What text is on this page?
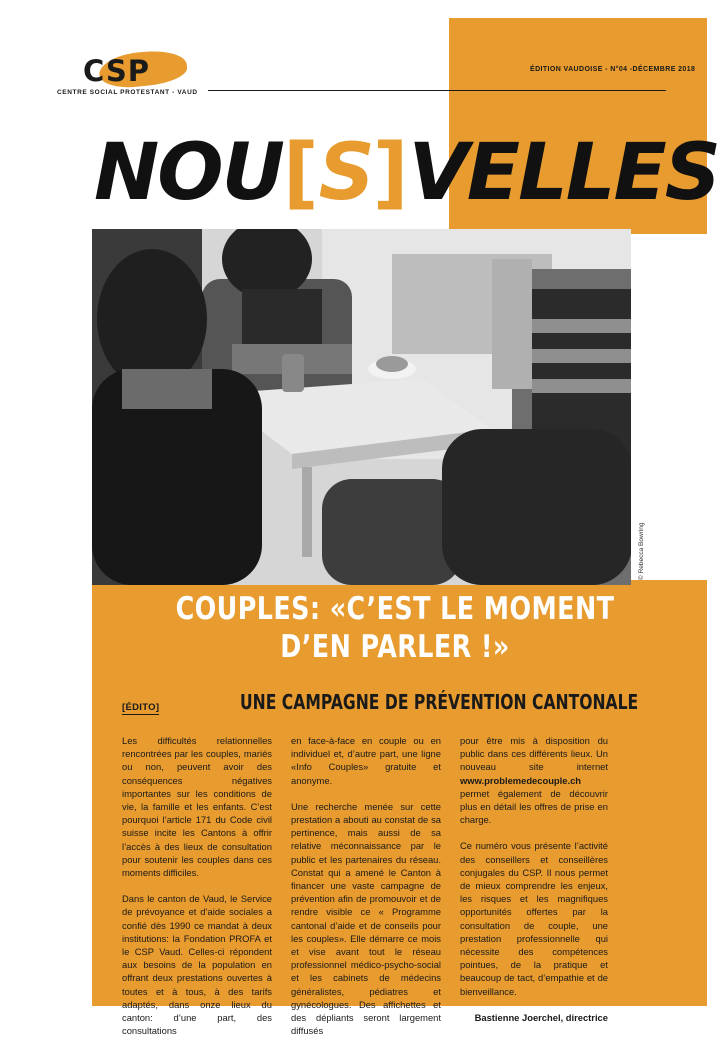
CSP
CENTRE SOCIAL PROTESTANT - VAUD
ÉDITION VAUDOISE - N°04 -DÉCEMBRE 2018
NOU[S]VELLES
© Rebecca Bowring
COUPLES: «C’EST LE MOMENT
D’EN PARLER !»
[ÉDITO]	UNE CAMPAGNE DE PRÉVENTION CANTONALE

Les difficultés relationnelles rencontrées par les couples, mariés ou non, peuvent avoir des conséquences négatives importantes sur les conditions de vie, la famille et les enfants. C’est pourquoi l’article 171 du Code civil suisse incite les Cantons à offrir l’accès à des lieux de consultation pour soutenir les couples dans ces moments difficiles.

Dans le canton de Vaud, le Service de prévoyance et d’aide sociales a confié dès 1990 ce mandat à deux institutions: la Fondation PROFA et le CSP Vaud. Celles-ci répondent aux besoins de la population en offrant deux prestations ouvertes à toutes et à tous, à des tarifs adaptés, dans onze lieux du canton: d’une part, des consultations

en face-à-face en couple ou en individuel et, d’autre part, une ligne «Info Couples» gratuite et anonyme.

Une recherche menée sur cette prestation a abouti au constat de sa pertinence, mais aussi de sa relative méconnaissance par le public et les partenaires du réseau. Constat qui a amené le Canton à financer une vaste campagne de prévention afin de promouvoir et de rendre visible ce « Programme cantonal d’aide et de conseils pour les couples». Elle démarre ce mois et vise avant tout le réseau professionnel médico-psycho-social et les cabinets de médecins généralistes, pédiatres et gynécologues. Des affichettes et des dépliants seront largement diffusés

pour être mis à disposition du public dans ces différents lieux. Un nouveau site internet www.problemedecouple.ch permet également de découvrir plus en détail les offres de prise en charge.

Ce numéro vous présente l’activité des conseillers et conseillères conjugales du CSP. Il nous permet de mieux comprendre les enjeux, les risques et les magnifiques opportunités offertes par la consultation de couple, une prestation professionnelle qui nécessite des compétences pointues, de la pratique et beaucoup de tact, d’empathie et de bienveillance.

Bastienne Joerchel, directrice
